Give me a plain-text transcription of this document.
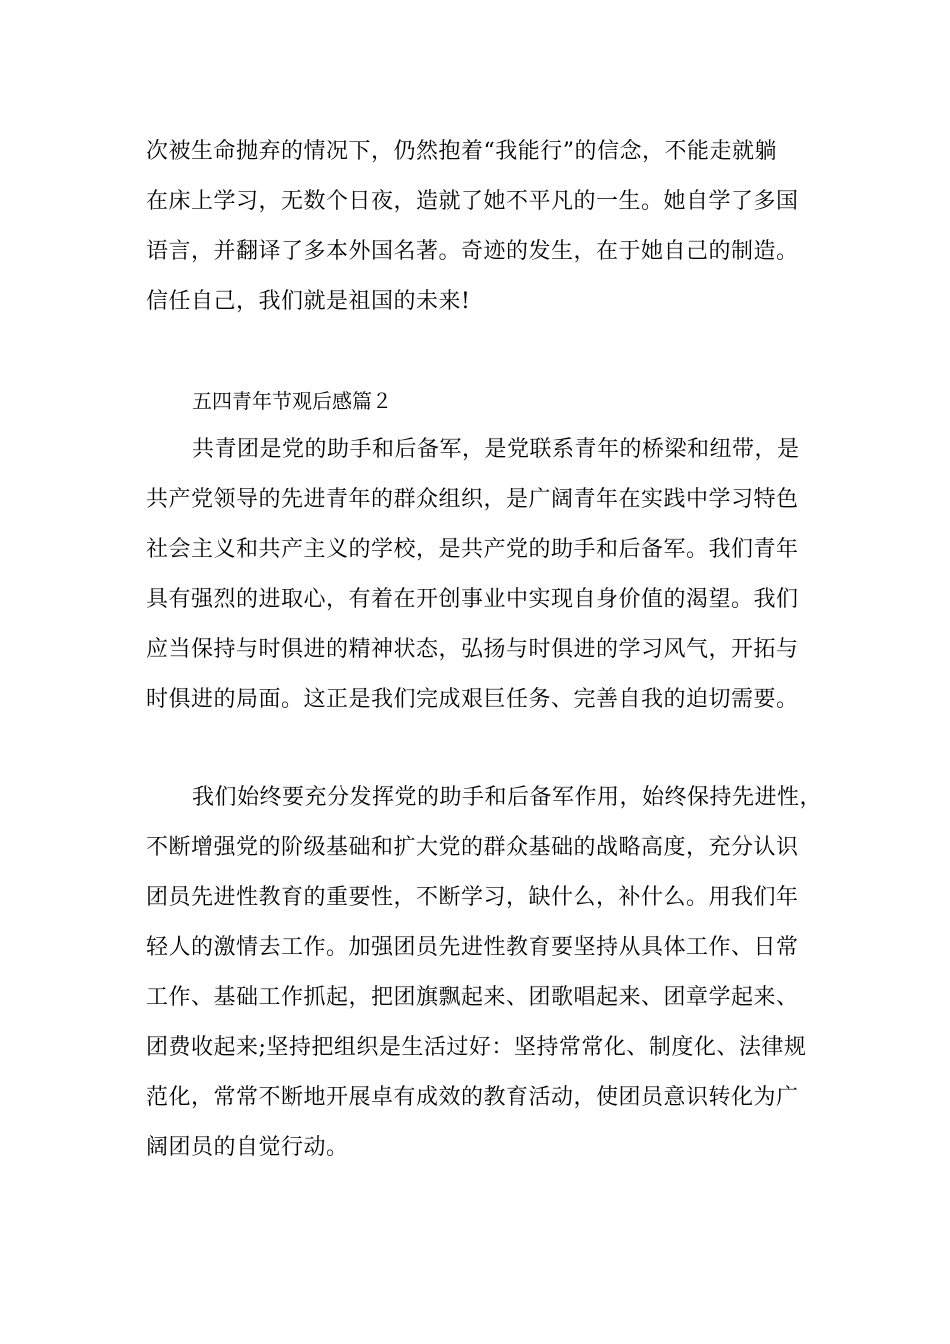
次被生命抛弃的情况下，仍然抱着“我能行”的信念，不能走就躺
在床上学习，无数个日夜，造就了她不平凡的一生。她自学了多国
语言，并翻译了多本外国名著。奇迹的发生，在于她自己的制造。
信任自己，我们就是祖国的未来!
五四青年节观后感篇２
共青团是党的助手和后备军，是党联系青年的桥梁和纽带，是
共产党领导的先进青年的群众组织，是广阔青年在实践中学习特色
社会主义和共产主义的学校，是共产党的助手和后备军。我们青年
具有强烈的进取心，有着在开创事业中实现自身价值的渴望。我们
应当保持与时俱进的精神状态，弘扬与时俱进的学习风气，开拓与
时俱进的局面。这正是我们完成艰巨任务、完善自我的迫切需要。
我们始终要充分发挥党的助手和后备军作用，始终保持先进性，
不断增强党的阶级基础和扩大党的群众基础的战略高度，充分认识
团员先进性教育的重要性，不断学习，缺什么，补什么。用我们年
轻人的激情去工作。加强团员先进性教育要坚持从具体工作、日常
工作、基础工作抓起，把团旗飘起来、团歌唱起来、团章学起来、
团费收起来;坚持把组织是生活过好：坚持常常化、制度化、法律规
范化，常常不断地开展卓有成效的教育活动，使团员意识转化为广
阔团员的自觉行动。
